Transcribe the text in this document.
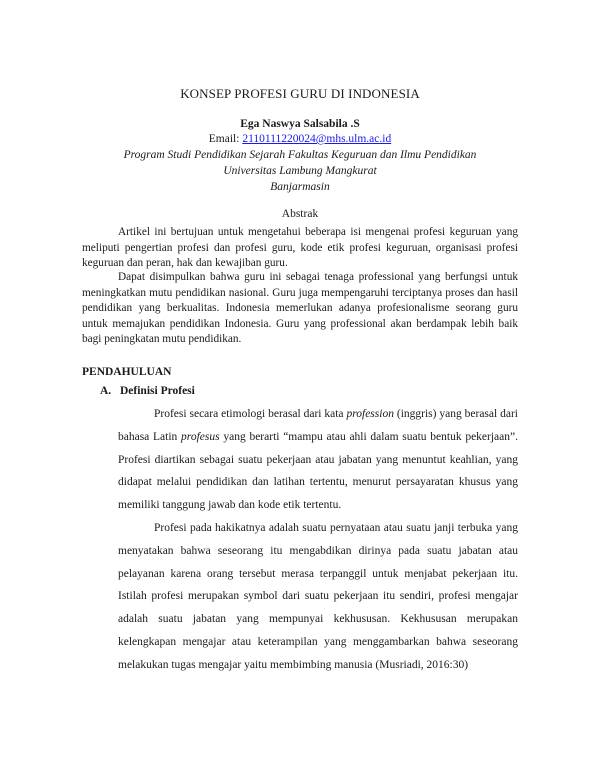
KONSEP PROFESI GURU DI INDONESIA
Ega Naswya Salsabila .S
Email: 2110111220024@mhs.ulm.ac.id
Program Studi Pendidikan Sejarah Fakultas Keguruan dan Ilmu Pendidikan
Universitas Lambung Mangkurat
Banjarmasin
Abstrak

Artikel ini bertujuan untuk mengetahui beberapa isi mengenai profesi keguruan yang meliputi pengertian profesi dan profesi guru, kode etik profesi keguruan, organisasi profesi keguruan dan peran, hak dan kewajiban guru.

Dapat disimpulkan bahwa guru ini sebagai tenaga professional yang berfungsi untuk meningkatkan mutu pendidikan nasional. Guru juga mempengaruhi terciptanya proses dan hasil pendidikan yang berkualitas. Indonesia memerlukan adanya profesionalisme seorang guru untuk memajukan pendidikan Indonesia. Guru yang professional akan berdampak lebih baik bagi peningkatan mutu pendidikan.

PENDAHULUAN
A. Definisi Profesi

Profesi secara etimologi berasal dari kata profession (inggris) yang berasal dari bahasa Latin profesus yang berarti “mampu atau ahli dalam suatu bentuk pekerjaan”. Profesi diartikan sebagai suatu pekerjaan atau jabatan yang menuntut keahlian, yang didapat melalui pendidikan dan latihan tertentu, menurut persayaratan khusus yang memiliki tanggung jawab dan kode etik tertentu.

Profesi pada hakikatnya adalah suatu pernyataan atau suatu janji terbuka yang menyatakan bahwa seseorang itu mengabdikan dirinya pada suatu jabatan atau pelayanan karena orang tersebut merasa terpanggil untuk menjabat pekerjaan itu. Istilah profesi merupakan symbol dari suatu pekerjaan itu sendiri, profesi mengajar adalah suatu jabatan yang mempunyai kekhususan. Kekhususan merupakan kelengkapan mengajar atau keterampilan yang menggambarkan bahwa seseorang melakukan tugas mengajar yaitu membimbing manusia (Musriadi, 2016:30)
